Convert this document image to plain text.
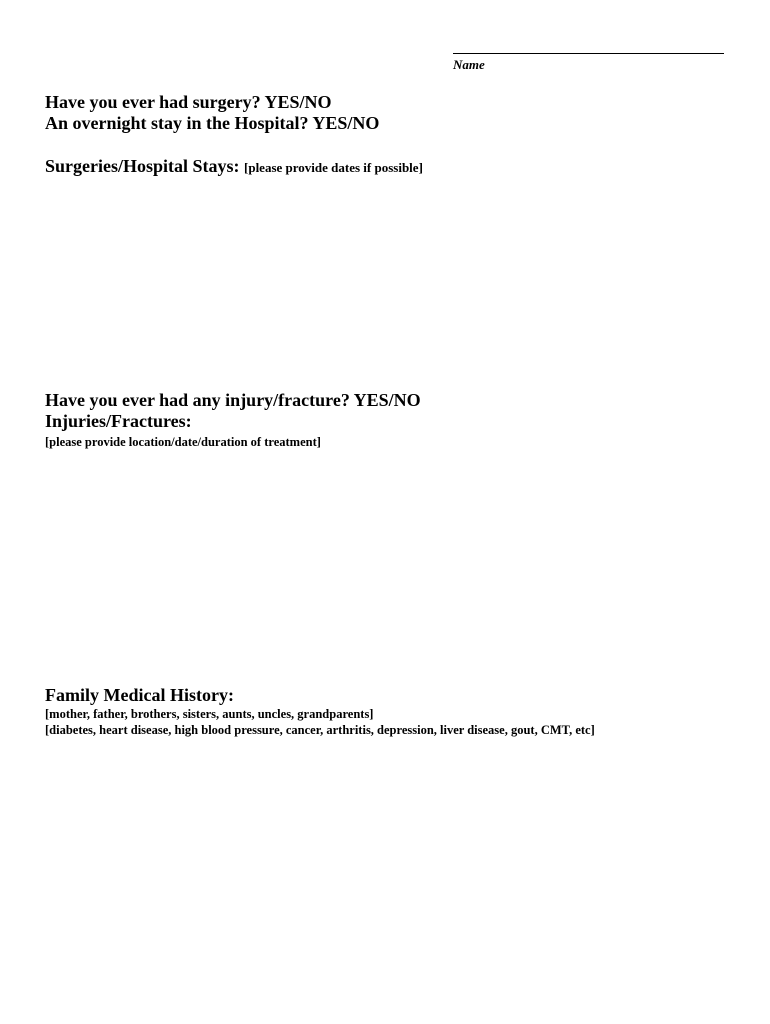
Name
Have you ever had surgery? YES/NO
An overnight stay in the Hospital? YES/NO
Surgeries/Hospital Stays: [please provide dates if possible]
Have you ever had any injury/fracture? YES/NO
Injuries/Fractures:
[please provide location/date/duration of treatment]
Family Medical History:
[mother, father, brothers, sisters, aunts, uncles, grandparents]
[diabetes, heart disease, high blood pressure, cancer, arthritis, depression, liver disease, gout, CMT, etc]
